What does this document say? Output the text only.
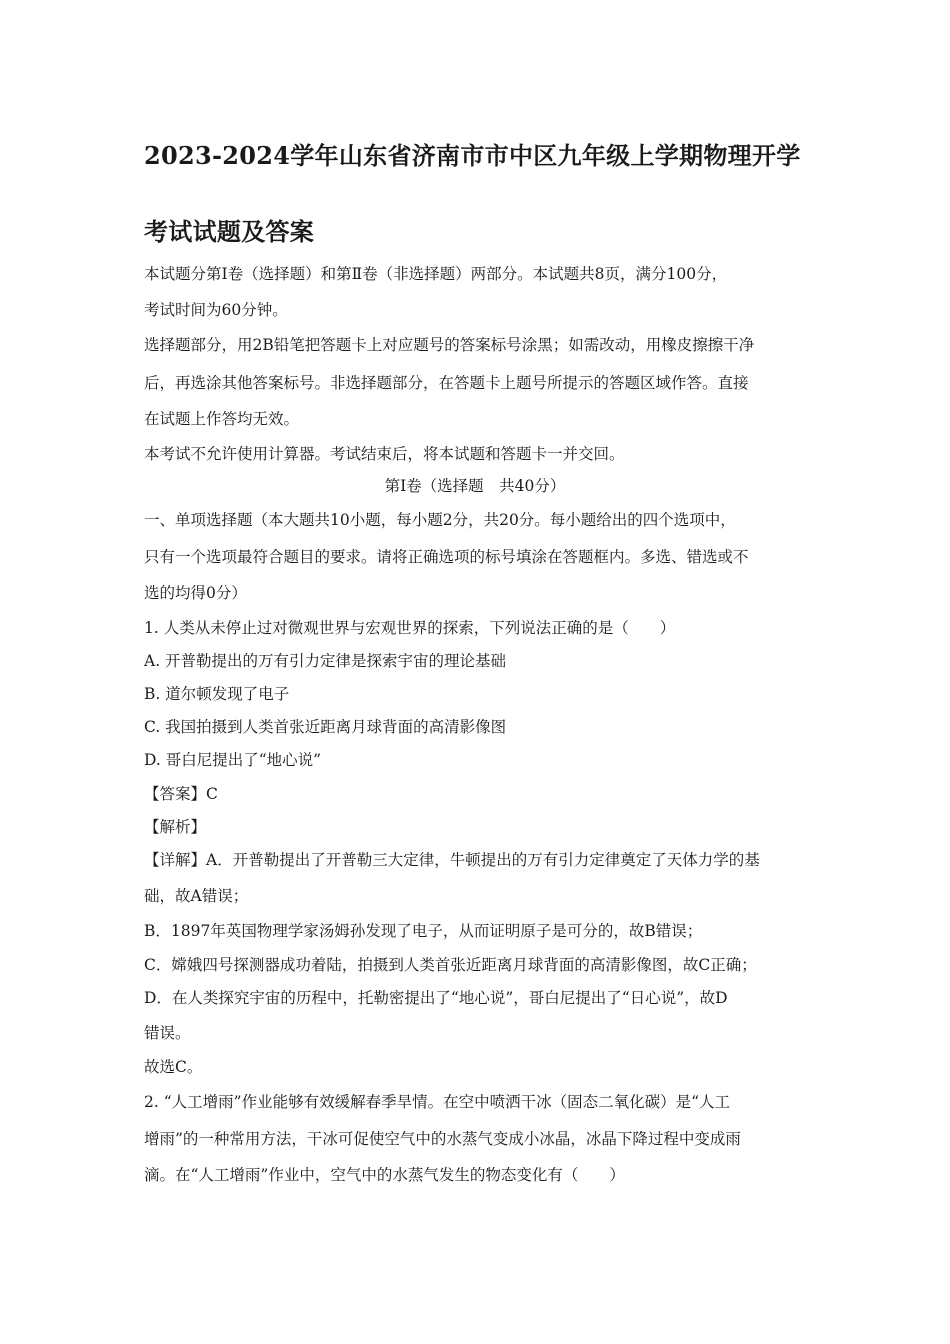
2023-2024学年山东省济南市市中区九年级上学期物理开学
考试试题及答案
本试题分第Ⅰ卷（选择题）和第Ⅱ卷（非选择题）两部分。本试题共8页，满分100分，
考试时间为60分钟。
选择题部分，用2B铅笔把答题卡上对应题号的答案标号涂黑；如需改动，用橡皮擦擦干净
后，再选涂其他答案标号。非选择题部分，在答题卡上题号所提示的答题区域作答。直接
在试题上作答均无效。
本考试不允许使用计算器。考试结束后，将本试题和答题卡一并交回。
第Ⅰ卷（选择题　共40分）
一、单项选择题（本大题共10小题，每小题2分，共20分。每小题给出的四个选项中，
只有一个选项最符合题目的要求。请将正确选项的标号填涂在答题框内。多选、错选或不
选的均得0分）
1. 人类从未停止过对微观世界与宏观世界的探索，下列说法正确的是（　　）
A. 开普勒提出的万有引力定律是探索宇宙的理论基础
B. 道尔顿发现了电子
C. 我国拍摄到人类首张近距离月球背面的高清影像图
D. 哥白尼提出了“地心说”
【答案】C
【解析】
【详解】A．开普勒提出了开普勒三大定律，牛顿提出的万有引力定律奠定了天体力学的基
础，故A错误；
B．1897年英国物理学家汤姆孙发现了电子，从而证明原子是可分的，故B错误；
C．嫦娥四号探测器成功着陆，拍摄到人类首张近距离月球背面的高清影像图，故C正确；
D．在人类探究宇宙的历程中，托勒密提出了“地心说”，哥白尼提出了“日心说”，故D
错误。
故选C。
2. “人工增雨”作业能够有效缓解春季旱情。在空中喷洒干冰（固态二氧化碳）是“人工
增雨”的一种常用方法，干冰可促使空气中的水蒸气变成小冰晶，冰晶下降过程中变成雨
滴。在“人工增雨”作业中，空气中的水蒸气发生的物态变化有（　　）
